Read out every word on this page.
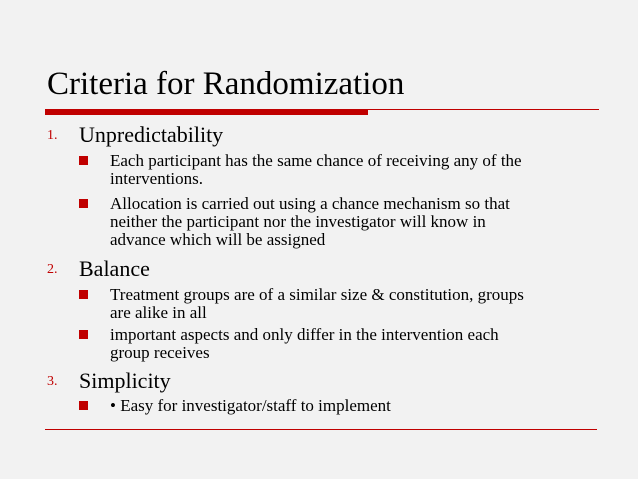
Criteria for Randomization
1. Unpredictability
Each participant has the same chance of receiving any of the
interventions.
Allocation is carried out using a chance mechanism so that
neither the participant nor the investigator will know in
advance which will be assigned
2. Balance
Treatment groups are of a similar size & constitution, groups
are alike in all
important aspects and only differ in the intervention each
group receives
3. Simplicity
• Easy for investigator/staff to implement
